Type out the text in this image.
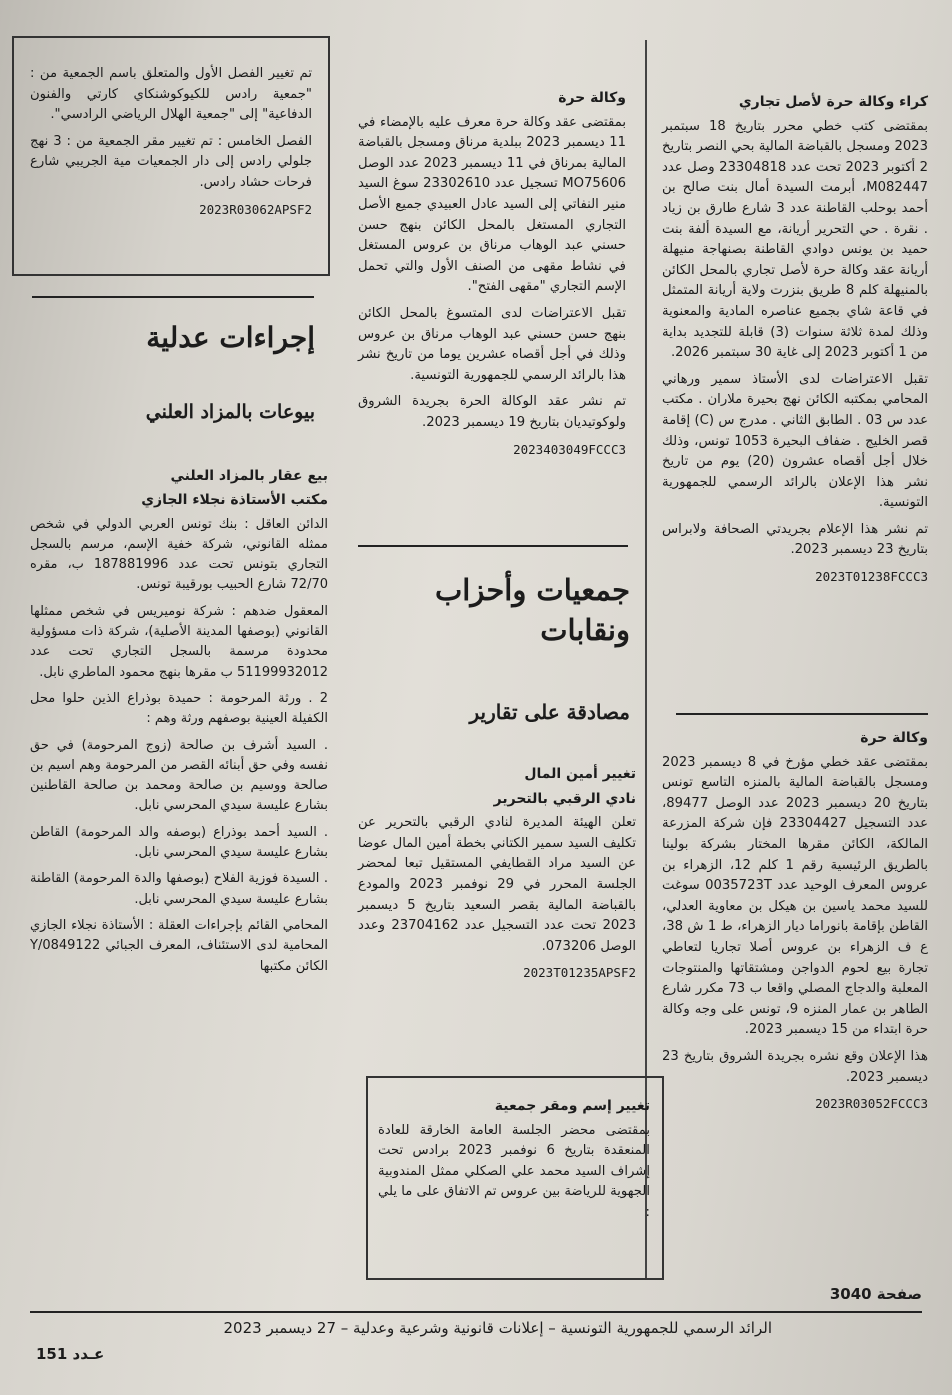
كراء وكالة حرة لأصل تجاري

بمقتضى كتب خطي محرر بتاريخ 18 سبتمبر 2023 ومسجل بالقباضة المالية بحي النصر بتاريخ 2 أكتوبر 2023 تحت عدد 23304818 وصل عدد M082447، أبرمت السيدة أمال بنت صالح بن أحمد بوحلب القاطنة عدد 3 شارع طارق بن زياد . نقرة . حي التحرير أريانة، مع السيدة ألفة بنت حميد بن يونس دوادي القاطنة بصنهاجة منيهلة أريانة عقد وكالة حرة لأصل تجاري بالمحل الكائن بالمنيهلة كلم 8 طريق بنزرت ولاية أريانة المتمثل في قاعة شاي بجميع عناصره المادية والمعنوية وذلك لمدة ثلاثة سنوات (3) قابلة للتجديد بداية من 1 أكتوبر 2023 إلى غاية 30 سبتمبر 2026.

تقبل الاعتراضات لدى الأستاذ سمير ورهاني المحامي بمكتبه الكائن نهج بحيرة ملاران . مكتب عدد س 03 . الطابق الثاني . مدرج س (C) إقامة قصر الخليج . ضفاف البحيرة 1053 تونس، وذلك خلال أجل أقصاه عشرون (20) يوم من تاريخ نشر هذا الإعلان بالرائد الرسمي للجمهورية التونسية.

تم نشر هذا الإعلام بجريدتي الصحافة ولابراس بتاريخ 23 ديسمبر 2023.

2023T01238FCCC3
وكالة حرة

بمقتضى عقد خطي مؤرخ في 8 ديسمبر 2023 ومسجل بالقباضة المالية بالمنزه التاسع تونس بتاريخ 20 ديسمبر 2023 عدد الوصل 89477، عدد التسجيل 23304427 فإن شركة المزرعة المالكة، الكائن مقرها المختار بشركة بولينا بالطريق الرئيسية رقم 1 كلم 12، الزهراء بن عروس المعرف الوحيد عدد 0035723T سوغت للسيد محمد ياسين بن هيكل بن معاوية العدلي، القاطن بإقامة بانوراما ديار الزهراء، ط 1 ش 38، ع ف الزهراء بن عروس أصلا تجاريا لتعاطي تجارة بيع لحوم الدواجن ومشتقاتها والمنتوجات المعلبة والدجاج المصلي واقعا ب 73 مكرر شارع الطاهر بن عمار المنزه 9، تونس على وجه وكالة حرة ابتداء من 15 ديسمبر 2023.

هذا الإعلان وقع نشره بجريدة الشروق بتاريخ 23 ديسمبر 2023.

2023R03052FCCC3
وكالة حرة

بمقتضى عقد وكالة حرة معرف عليه بالإمضاء في 11 ديسمبر 2023 ببلدية مرناق ومسجل بالقباضة المالية بمرناق في 11 ديسمبر 2023 عدد الوصل MO75606 تسجيل عدد 23302610 سوغ السيد منير النفاتي إلى السيد عادل العبيدي جميع الأصل التجاري المستغل بالمحل الكائن بنهج حسن حسني عبد الوهاب مرناق بن عروس المستغل في نشاط مقهى من الصنف الأول والتي تحمل الإسم التجاري "مقهى الفتح".

تقبل الاعتراضات لدى المتسوغ بالمحل الكائن بنهج حسن حسني عبد الوهاب مرناق بن عروس وذلك في أجل أقصاه عشرين يوما من تاريخ نشر هذا بالرائد الرسمي للجمهورية التونسية.

تم نشر عقد الوكالة الحرة بجريدة الشروق ولوكوتيديان بتاريخ 19 ديسمبر 2023.

2023403049FCCC3
جمعيات وأحزاب ونقابات
مصادقة على تقارير
تغيير أمين المال
نادي الرقبي بالتحرير

تعلن الهيئة المديرة لنادي الرقبي بالتحرير عن تكليف السيد سمير الكتاني بخطة أمين المال عوضا عن السيد مراد القطايفي المستقيل تبعا لمحضر الجلسة المحرر في 29 نوفمبر 2023 والمودع بالقباضة المالية بقصر السعيد بتاريخ 5 ديسمبر 2023 تحت عدد التسجيل عدد 23704162 وعدد الوصل 073206.

2023T01235APSF2
تغيير إسم ومقر جمعية

بمقتضى محضر الجلسة العامة الخارقة للعادة المنعقدة بتاريخ 6 نوفمبر 2023 برادس تحت إشراف السيد محمد علي الصكلي ممثل المندوبية الجهوية للرياضة بين عروس تم الاتفاق على ما يلي :

تم تغيير الفصل الأول والمتعلق باسم الجمعية من : "جمعية رادس للكيوكوشنكاي كارتي والفنون الدفاعية" إلى "جمعية الهلال الرياضي الرادسي".

الفصل الخامس : تم تغيير مقر الجمعية من : 3 نهج جلولي رادس إلى دار الجمعيات مية الجريبي شارع فرحات حشاد رادس.

2023R03062APSF2
إجراءات عدلية
بيوعات بالمزاد العلني
بيع عقار بالمزاد العلني
مكتب الأستاذة نجلاء الجازي

الدائن العاقل : بنك تونس العربي الدولي في شخص ممثله القانوني، شركة خفية الإسم، مرسم بالسجل التجاري بتونس تحت عدد 187881996 ب، مقره 72/70 شارع الحبيب بورقيبة تونس.

المعقول ضدهم : شركة نوميريس في شخص ممثلها القانوني (بوصفها المدينة الأصلية)، شركة ذات مسؤولية محدودة مرسمة بالسجل التجاري تحت عدد 51199932012 ب مقرها بنهج محمود الماطري نابل.

2 . ورثة المرحومة : حميدة بوذراع الذين حلوا محل الكفيلة العينية بوصفهم ورثة وهم :

. السيد أشرف بن صالحة (زوج المرحومة) في حق نفسه وفي حق أبنائه القصر من المرحومة وهم اسيم بن صالحة ووسيم بن صالحة ومحمد بن صالحة القاطنين بشارع عليسة سيدي المحرسي نابل.

. السيد أحمد بوذراع (بوصفه والد المرحومة) القاطن بشارع عليسة سيدي المحرسي نابل.

. السيدة فوزية الفلاح (بوصفها والدة المرحومة) القاطنة بشارع عليسة سيدي المحرسي نابل.

المحامي القائم بإجراءات العقلة : الأستاذة نجلاء الجازي المحامية لدى الاستئناف، المعرف الجبائي 0849122/Y الكائن مكتبها

صفحة 3040
الرائد الرسمي للجمهورية التونسية – إعلانات قانونية وشرعية وعدلية – 27 ديسمبر 2023
عـدد 151
